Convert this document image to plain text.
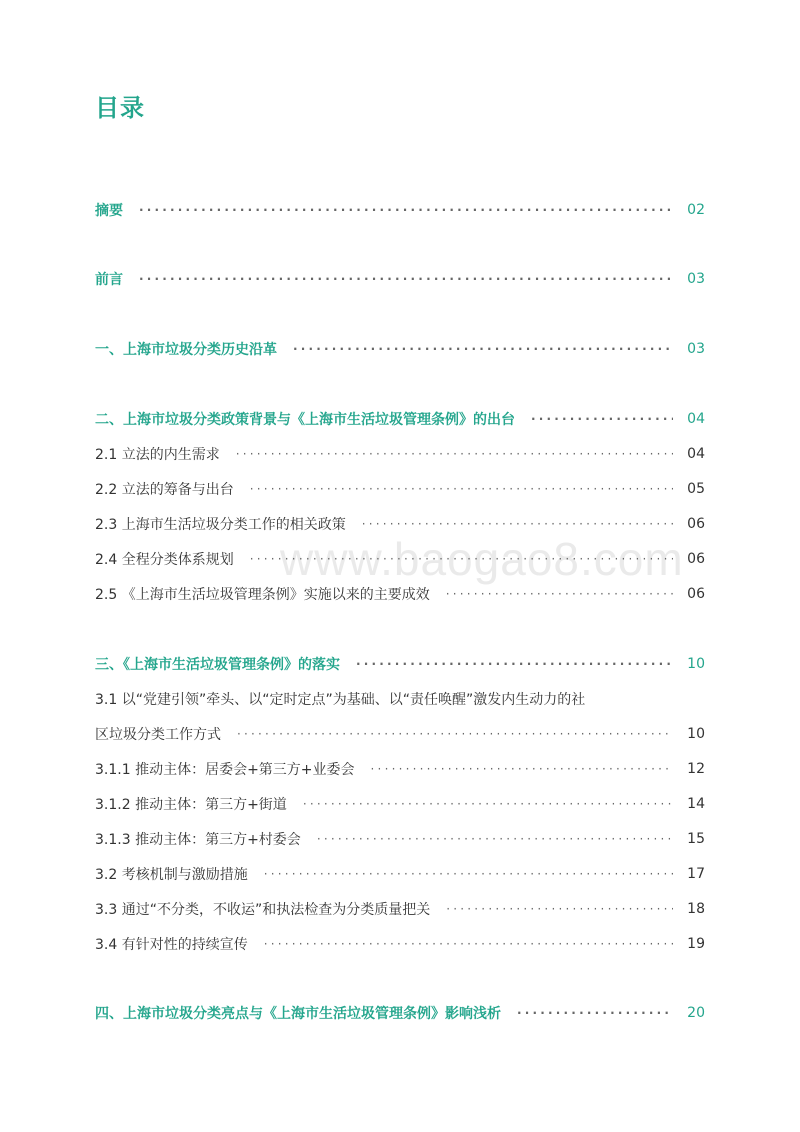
目录
www.baogao8.com
摘要 ·····	02
前言 ·····	03
一、上海市垃圾分类历史沿革 ·····	03
二、上海市垃圾分类政策背景与《上海市生活垃圾管理条例》的出台 ·····	04
2.1 立法的内生需求 ·····	04
2.2 立法的筹备与出台 ·····	05
2.3 上海市生活垃圾分类工作的相关政策 ·····	06
2.4 全程分类体系规划 ·····	06
2.5 《上海市生活垃圾管理条例》实施以来的主要成效 ·····	06
三、《上海市生活垃圾管理条例》的落实 ·····	10
3.1 以“党建引领”牵头、以“定时定点”为基础、以“责任唤醒”激发内生动力的社
区垃圾分类工作方式 ·····	10
3.1.1 推动主体：居委会+第三方+业委会 ·····	12
3.1.2 推动主体：第三方+街道 ·····	14
3.1.3 推动主体：第三方+村委会 ·····	15
3.2 考核机制与激励措施 ·····	17
3.3 通过“不分类，不收运”和执法检查为分类质量把关 ·····	18
3.4 有针对性的持续宣传 ·····	19
四、上海市垃圾分类亮点与《上海市生活垃圾管理条例》影响浅析 ·····	20
